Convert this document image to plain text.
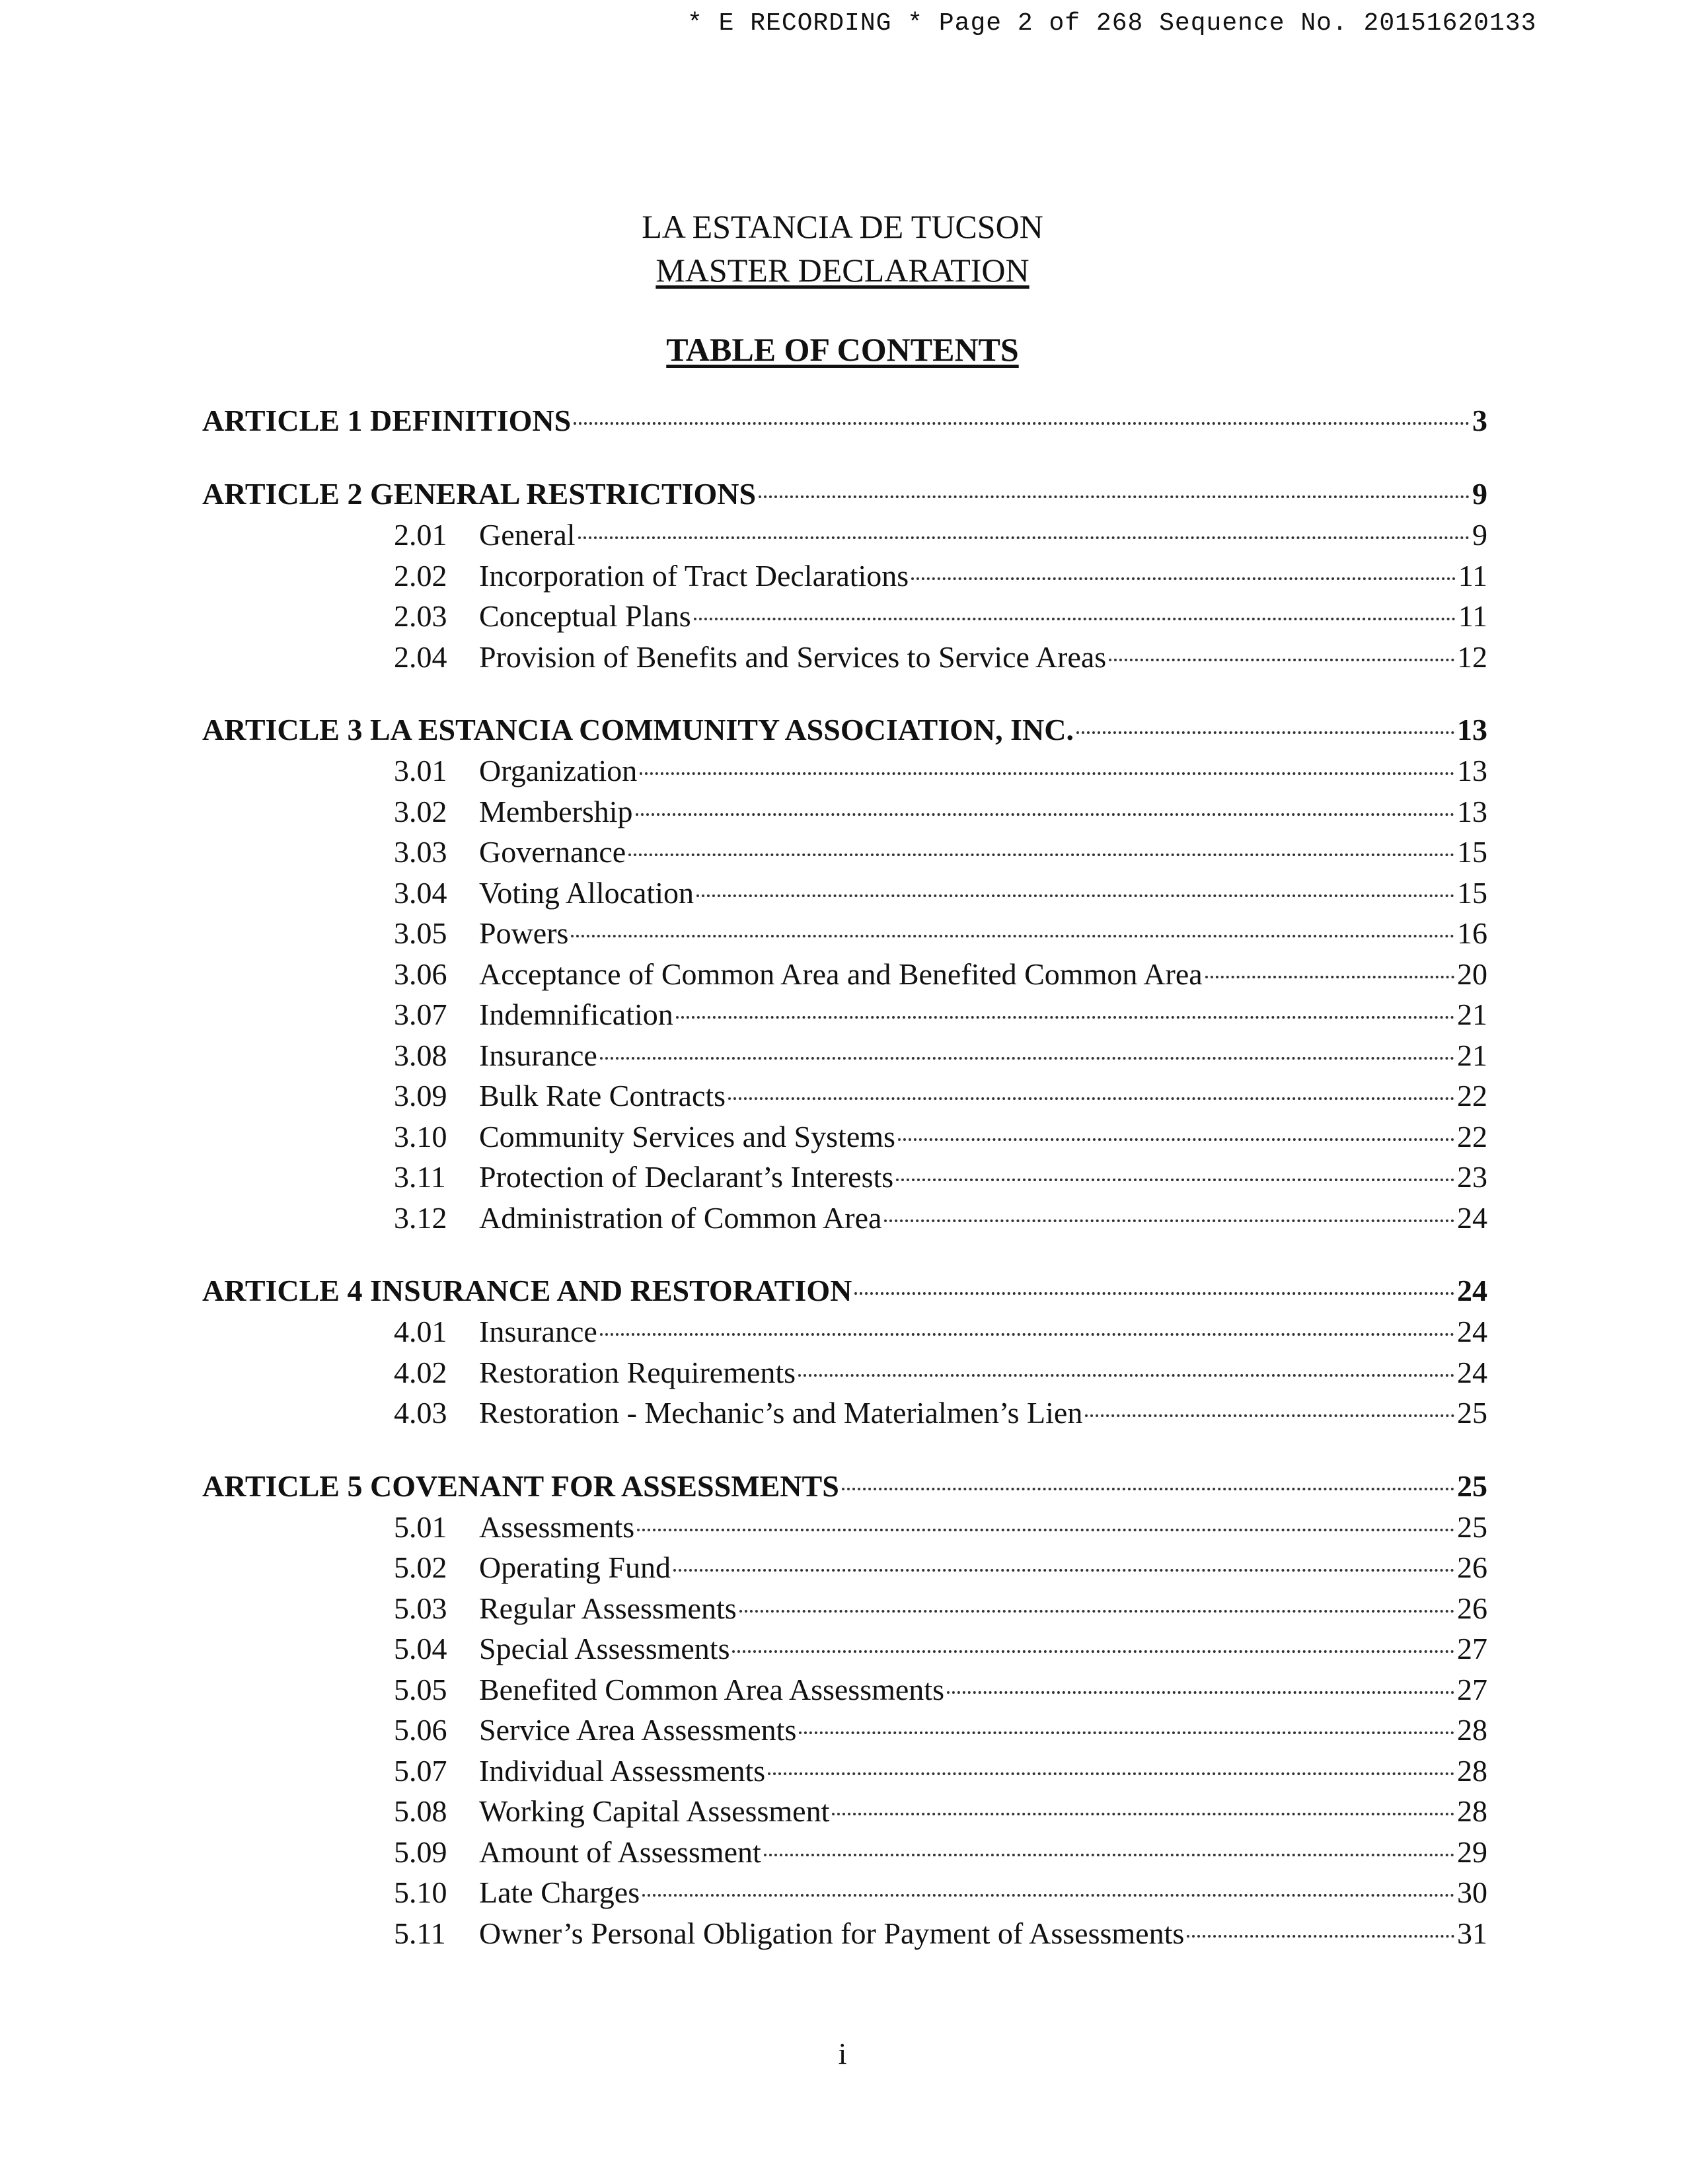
* E RECORDING * Page 2 of 268 Sequence No. 20151620133
LA ESTANCIA DE TUCSON
MASTER DECLARATION
TABLE OF CONTENTS
ARTICLE 1 DEFINITIONS	3
ARTICLE 2 GENERAL RESTRICTIONS	9
2.01	General	9
2.02	Incorporation of Tract Declarations	11
2.03	Conceptual Plans	11
2.04	Provision of Benefits and Services to Service Areas	12
ARTICLE 3 LA ESTANCIA COMMUNITY ASSOCIATION, INC.	13
3.01	Organization	13
3.02	Membership	13
3.03	Governance	15
3.04	Voting Allocation	15
3.05	Powers	16
3.06	Acceptance of Common Area and Benefited Common Area	20
3.07	Indemnification	21
3.08	Insurance	21
3.09	Bulk Rate Contracts	22
3.10	Community Services and Systems	22
3.11	Protection of Declarant’s Interests	23
3.12	Administration of Common Area	24
ARTICLE 4 INSURANCE AND RESTORATION	24
4.01	Insurance	24
4.02	Restoration Requirements	24
4.03	Restoration - Mechanic’s and Materialmen’s Lien	25
ARTICLE 5 COVENANT FOR ASSESSMENTS	25
5.01	Assessments	25
5.02	Operating Fund	26
5.03	Regular Assessments	26
5.04	Special Assessments	27
5.05	Benefited Common Area Assessments	27
5.06	Service Area Assessments	28
5.07	Individual Assessments	28
5.08	Working Capital Assessment	28
5.09	Amount of Assessment	29
5.10	Late Charges	30
5.11	Owner’s Personal Obligation for Payment of Assessments	31
i
